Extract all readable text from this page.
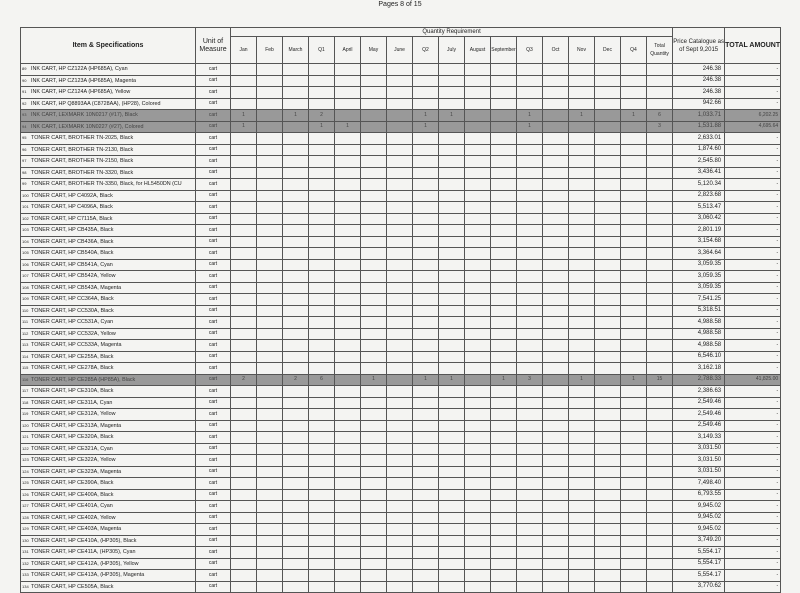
Pages 8 of 15
Item & Specifications	Unit of Measure	Quantity Requirement																	Price Catalogue as of Sept 9,2015	TOTAL AMOUNT
		Jan	Feb	March	Q1	April	May	June	Q2	July	August	September	Q3	Oct	Nov	Dec	Q4	Total Quantity		
89 INK CART, HP CZ122A (HP685A), Cyan	cart																		246.38	-
90 INK CART, HP CZ123A (HP685A), Magenta	cart																		246.38	-
91 INK CART, HP CZ124A (HP685A), Yellow	cart																		246.38	-
92 INK CART, HP Q8893AA (C8728AA), (HP28), Colored	cart																		942.66	-
93 INK CART, LEXMARK 10N0217 (#17), Black	cart	1		1	2				1	1			1		1		1	6	1,033.71	6,202.25
94 INK CART, LEXMARK 10N0227 (#27), Colored	cart	1			1	1			1				1					3	1,531.88	4,695.64
95 TONER CART, BROTHER TN-2025, Black	cart																		2,633.01	-
96 TONER CART, BROTHER TN-2130, Black	cart																		1,874.60	-
97 TONER CART, BROTHER TN-2150, Black	cart																		2,545.80	-
98 TONER CART, BROTHER TN-3320, Black	cart																		3,436.41	-
99 TONER CART, BROTHER TN-3350, Black, for HL5450DN (CU	cart																		5,120.34	-
100 TONER CART, HP C4092A, Black	cart																		2,823.68	-
101 TONER CART, HP C4096A, Black	cart																		5,513.47	-
102 TONER CART, HP C7115A, Black	cart																		3,060.42	-
103 TONER CART, HP CB435A, Black	cart																		2,801.19	-
104 TONER CART, HP CB436A, Black	cart																		3,154.68	-
105 TONER CART, HP CB540A, Black	cart																		3,364.64	-
106 TONER CART, HP CB541A, Cyan	cart																		3,059.35	-
107 TONER CART, HP CB542A, Yellow	cart																		3,059.35	-
108 TONER CART, HP CB543A, Magenta	cart																		3,059.35	-
109 TONER CART, HP CC364A, Black	cart																		7,541.25	-
110 TONER CART, HP CC530A, Black	cart																		5,318.51	-
111 TONER CART, HP CC531A, Cyan	cart																		4,988.58	-
112 TONER CART, HP CC532A, Yellow	cart																		4,988.58	-
113 TONER CART, HP CC533A, Magenta	cart																		4,988.58	-
114 TONER CART, HP CE255A, Black	cart																		6,546.10	-
115 TONER CART, HP CE278A, Black	cart																		3,162.18	-
116 TONER CART, HP CE285A (HP85A), Black	cart	2		2	6		1		1	1		1	3		1		1	15	2,788.33	41,825.00
117 TONER CART, HP CE310A, Black	cart																		2,386.63	-
118 TONER CART, HP CE311A, Cyan	cart																		2,549.46	-
119 TONER CART, HP CE312A, Yellow	cart																		2,549.46	-
120 TONER CART, HP CE313A, Magenta	cart																		2,549.46	-
121 TONER CART, HP CE320A, Black	cart																		3,149.33	-
122 TONER CART, HP CE321A, Cyan	cart																		3,031.50	-
123 TONER CART, HP CE322A, Yellow	cart																		3,031.50	-
124 TONER CART, HP CE323A, Magenta	cart																		3,031.50	-
125 TONER CART, HP CE390A, Black	cart																		7,498.40	-
126 TONER CART, HP CE400A, Black	cart																		6,793.55	-
127 TONER CART, HP CE401A, Cyan	cart																		9,945.02	-
128 TONER CART, HP CE402A, Yellow	cart																		9,945.02	-
129 TONER CART, HP CE403A, Magenta	cart																		9,945.02	-
130 TONER CART, HP CE410A, (HP305), Black	cart																		3,749.20	-
131 TONER CART, HP CE411A, (HP305), Cyan	cart																		5,554.17	-
132 TONER CART, HP CE412A, (HP305), Yellow	cart																		5,554.17	-
133 TONER CART, HP CE413A, (HP305), Magenta	cart																		5,554.17	-
134 TONER CART, HP CE505A, Black	cart																		3,770.62	-
